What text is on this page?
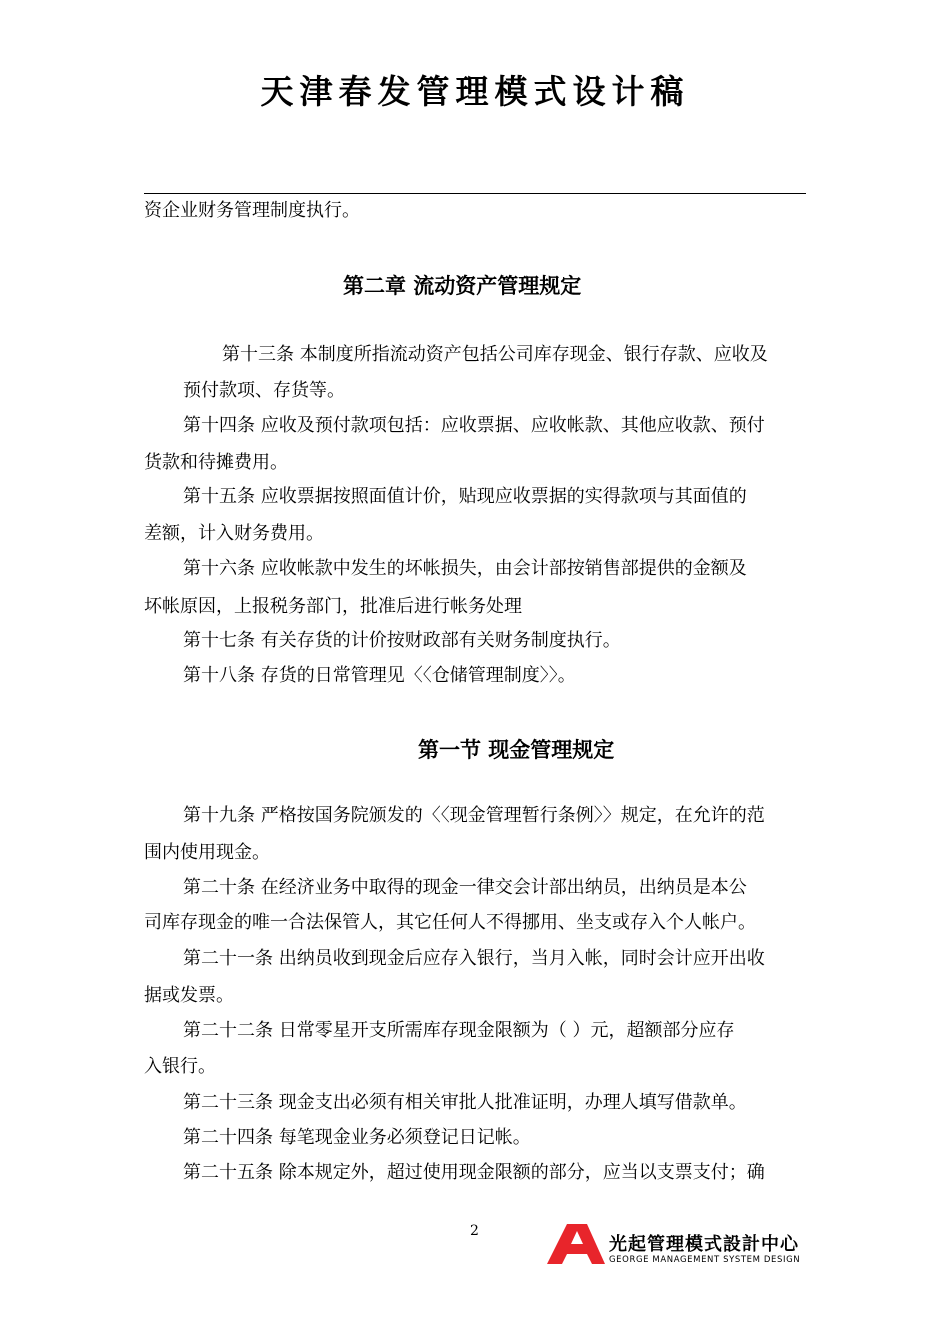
天津春发管理模式设计稿
资企业财务管理制度执行。
第二章 流动资产管理规定
第十三条 本制度所指流动资产包括公司库存现金、银行存款、应收及
预付款项、存货等。
第十四条 应收及预付款项包括：应收票据、应收帐款、其他应收款、预付
货款和待摊费用。
第十五条 应收票据按照面值计价，贴现应收票据的实得款项与其面值的
差额，计入财务费用。
第十六条 应收帐款中发生的坏帐损失，由会计部按销售部提供的金额及
坏帐原因，上报税务部门，批准后进行帐务处理
第十七条 有关存货的计价按财政部有关财务制度执行。
第十八条 存货的日常管理见〈〈仓储管理制度〉〉。
第一节 现金管理规定
第十九条 严格按国务院颁发的〈〈现金管理暂行条例〉〉规定，在允许的范
围内使用现金。
第二十条 在经济业务中取得的现金一律交会计部出纳员，出纳员是本公
司库存现金的唯一合法保管人，其它任何人不得挪用、坐支或存入个人帐户。
第二十一条 出纳员收到现金后应存入银行，当月入帐，同时会计应开出收
据或发票。
第二十二条 日常零星开支所需库存现金限额为（ ）元，超额部分应存
入银行。
第二十三条 现金支出必须有相关审批人批准证明，办理人填写借款单。
第二十四条 每笔现金业务必须登记日记帐。
第二十五条 除本规定外，超过使用现金限额的部分，应当以支票支付；确
2
光起管理模式設計中心
GEORGE MANAGEMENT SYSTEM DESIGN
